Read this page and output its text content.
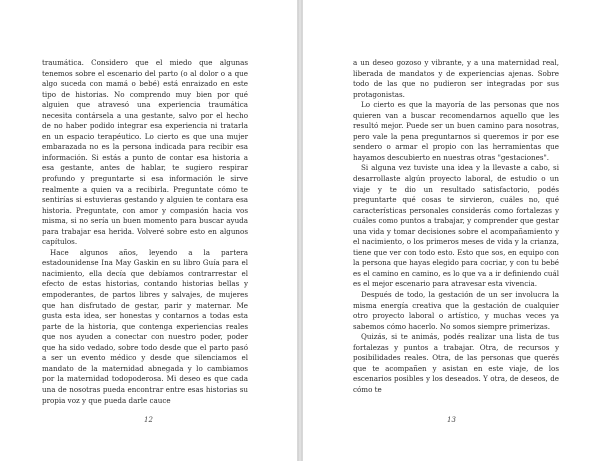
traumática. Considero que el miedo que algunas tenemos sobre el escenario del parto (o al dolor o a que algo suceda con mamá o bebé) está enraizado en este tipo de historias. No comprendo muy bien por qué alguien que atravesó una experiencia traumática necesita contársela a una gestante, salvo por el hecho de no haber podido integrar esa experiencia ni tratarla en un espacio terapéutico. Lo cierto es que una mujer embarazada no es la persona indicada para recibir esa información. Si estás a punto de contar esa historia a esa gestante, antes de hablar, te sugiero respirar profundo y preguntarte si esa información le sirve realmente a quien va a recibirla. Preguntate cómo te sentirías si estuvieras gestando y alguien te contara esa historia. Preguntate, con amor y compasión hacia vos misma, si no sería un buen momento para buscar ayuda para trabajar esa herida. Volveré sobre esto en algunos capítulos.

Hace algunos años, leyendo a la partera estadounidense Ina May Gaskin en su libro Guía para el nacimiento, ella decía que debíamos contrarrestar el efecto de estas historias, contando historias bellas y empoderantes, de partos libres y salvajes, de mujeres que han disfrutado de gestar, parir y maternar. Me gusta esta idea, ser honestas y contarnos a todas esta parte de la historia, que contenga experiencias reales que nos ayuden a conectar con nuestro poder, poder que ha sido vedado, sobre todo desde que el parto pasó a ser un evento médico y desde que silenciamos el mandato de la maternidad abnegada y lo cambiamos por la maternidad todopoderosa. Mi deseo es que cada una de nosotras pueda encontrar entre esas historias su propia voz y que pueda darle cauce

12

a un deseo gozoso y vibrante, y a una maternidad real, liberada de mandatos y de experiencias ajenas. Sobre todo de las que no pudieron ser integradas por sus protagonistas.

Lo cierto es que la mayoría de las personas que nos quieren van a buscar recomendarnos aquello que les resultó mejor. Puede ser un buen camino para nosotras, pero vale la pena preguntarnos si queremos ir por ese sendero o armar el propio con las herramientas que hayamos descubierto en nuestras otras "gestaciones".

Si alguna vez tuviste una idea y la llevaste a cabo, si desarrollaste algún proyecto laboral, de estudio o un viaje y te dio un resultado satisfactorio, podés preguntarte qué cosas te sirvieron, cuáles no, qué características personales considerás como fortalezas y cuáles como puntos a trabajar, y comprender que gestar una vida y tomar decisiones sobre el acompañamiento y el nacimiento, o los primeros meses de vida y la crianza, tiene que ver con todo esto. Esto que sos, en equipo con la persona que hayas elegido para cocriar, y con tu bebé es el camino en camino, es lo que va a ir definiendo cuál es el mejor escenario para atravesar esta vivencia.

Después de todo, la gestación de un ser involucra la misma energía creativa que la gestación de cualquier otro proyecto laboral o artístico, y muchas veces ya sabemos cómo hacerlo. No somos siempre primerizas.

Quizás, si te animás, podés realizar una lista de tus fortalezas y puntos a trabajar. Otra, de recursos y posibilidades reales. Otra, de las personas que querés que te acompañen y asistan en este viaje, de los escenarios posibles y los deseados. Y otra, de deseos, de cómo te

13
